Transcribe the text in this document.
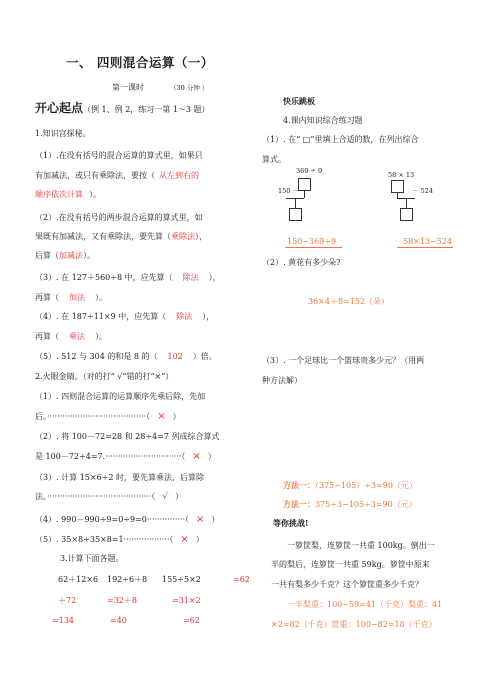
一、 四则混合运算（一）
第一课时	（30 分钟 ）
开心起点（例 1、例 2，练习一第 1～3 题）
1.知识宫探秘。
（1）.在没有括号的混合运算的算式里，如果只
有加减法，或只有乘除法，要按（ 从左到右的
顺序依次计算 ）。
（2）.在没有括号的两步混合运算的算式里，如
果既有加减法，又有乘除法，要先算（乘除法），
后算（加减法）。
（3）. 在 127＋560÷8 中，应先算（ 除法 ），
再算（ 加法 ）。
（4）. 在 187÷11×9 中，应先算（ 除法 ），
再算（ 乘法 ）。
（5）. 512 与 304 的和是 8 的（ 102 ）倍。
2.火眼金睛。（对的打“ √”错的打“×”）
（1）. 四则混合运算的运算顺序先乘后除，先加
后。·······································（ × ）
（2）. 将 100－72=28 和 28÷4=7 列成综合算式
是 100－72÷4=7.······························（ × ）
（3）. 计算 15×6÷2 时，要先算乘法，后算除
法。·········································（ √ ）
（4）. 990－990÷9=0÷9=0···············（ × ）
（5）. 35×8÷35×8=1··················（ × ）
3.计算下面各题。
62＋12×6 192÷6＋8 155÷5×2	=62
＋72	=32＋8	=31×2
=134	=40	=62
快乐跳板
4.课内知识综合练习题
（1）. 在“ □”里填上合适的数，在列出综合
算式。
369 ÷ 9
150 －
150−369÷9
58 × 13
－ 524
58×13−524
（2）. 黄花有多少朵?
36×4＋8=152（朵）
（3）. 一个足球比一个篮球贵多少元？（用两
种方法解）
方法一：（375−105）÷3=90（元）
方法一：375÷3−105÷3=90（元）
等你挑战!
一箩筐梨，连箩筐一共重 100kg。倒出一
半的梨后，连箩筐一共重 59kg。箩筐中原来
一共有梨多少千克？这个箩筐重多少千克？
一半梨重：100−59=41（千克）梨重：41
×2=82（千克）筐重：100−82=18（千克）
